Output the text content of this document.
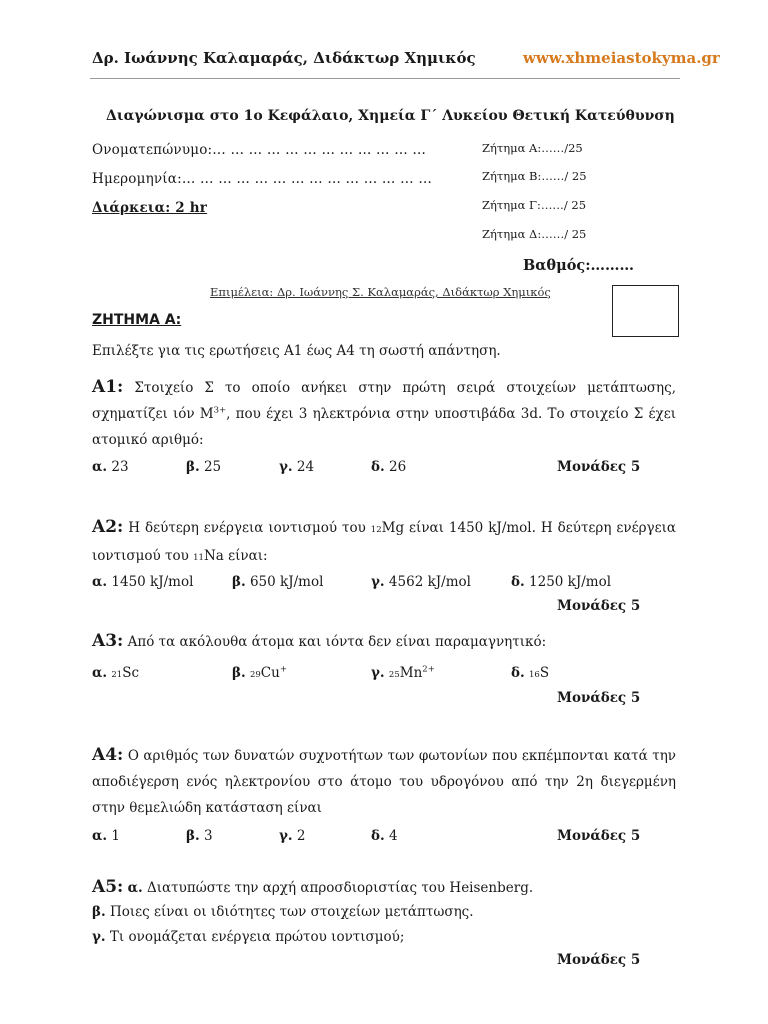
Δρ. Ιωάννης Καλαμαράς, Διδάκτωρ Χημικός	www.xhmeiastokyma.gr
Διαγώνισμα στο 1ο Κεφάλαιο, Χημεία Γ΄ Λυκείου Θετική Κατεύθυνση
Ονοματεπώνυμο:… … … … … … … … … … … …
Ημερομηνία:… … … … … … … … … … … … … …
Διάρκεια: 2 hr
Ζήτημα Α:……/25
Ζήτημα Β:……/ 25
Ζήτημα Γ:……/ 25
Ζήτημα Δ:……/ 25
Βαθμός:………
Επιμέλεια: Δρ. Ιωάννης Σ. Καλαμαράς, Διδάκτωρ Χημικός
ΖΗΤΗΜΑ Α:
Επιλέξτε για τις ερωτήσεις Α1 έως Α4 τη σωστή απάντηση.
Α1: Στοιχείο Σ το οποίο ανήκει στην πρώτη σειρά στοιχείων μετάπτωσης, σχηματίζει ιόν $M^{3+}$, που έχει 3 ηλεκτρόνια στην υποστιβάδα 3d. Το στοιχείο Σ έχει ατομικό αριθμό:
α. 23	β. 25	γ. 24	δ. 26	Μονάδες 5
Α2: Η δεύτερη ενέργεια ιοντισμού του 12Mg είναι 1450 kJ/mol. Η δεύτερη ενέργεια ιοντισμού του 11Na είναι:
α. 1450 kJ/mol	β. 650 kJ/mol	γ. 4562 kJ/mol	δ. 1250 kJ/mol
Μονάδες 5
Α3: Από τα ακόλουθα άτομα και ιόντα δεν είναι παραμαγνητικό:
α. 21Sc	β. 29Cu+	γ. $25Mn^{2+}$	δ. 16S
Μονάδες 5
Α4: Ο αριθμός των δυνατών συχνοτήτων των φωτονίων που εκπέμπονται κατά την αποδιέγερση ενός ηλεκτρονίου στο άτομο του υδρογόνου από την 2η διεγερμένη στην θεμελιώδη κατάσταση είναι
α. 1	β. 3	γ. 2	δ. 4	Μονάδες 5
Α5: α. Διατυπώστε την αρχή απροσδιοριστίας του Heisenberg.
β. Ποιες είναι οι ιδιότητες των στοιχείων μετάπτωσης.
γ. Τι ονομάζεται ενέργεια πρώτου ιοντισμού;
Μονάδες 5
